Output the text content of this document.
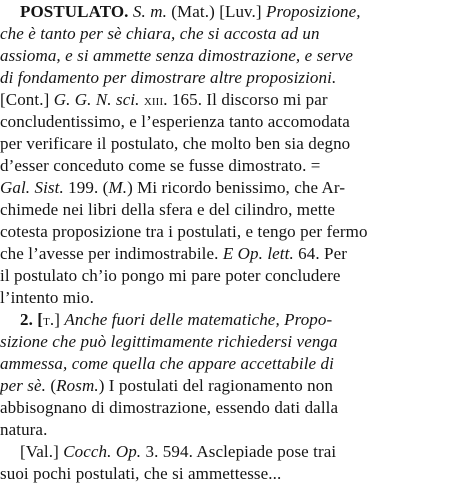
POSTULATO. S. m. (Mat.) [Luv.] Proposizione,
che è tanto per sè chiara, che si accosta ad un
assioma, e si ammette senza dimostrazione, e serve
di fondamento per dimostrare altre proposizioni.
[Cont.] G. G. N. sci. xiii. 165. Il discorso mi par
concludentissimo, e l’esperienza tanto accomodata
per verificare il postulato, che molto ben sia degno
d’esser conceduto come se fusse dimostrato. =
Gal. Sist. 199. (M.) Mi ricordo benissimo, che Ar-
chimede nei libri della sfera e del cilindro, mette
cotesta proposizione tra i postulati, e tengo per fermo
che l’avesse per indimostrabile. E Op. lett. 64. Per
il postulato ch’io pongo mi pare poter concludere
l’intento mio.
2. [t.] Anche fuori delle matematiche, Propo-
sizione che può legittimamente richiedersi venga
ammessa, come quella che appare accettabile di
per sè. (Rosm.) I postulati del ragionamento non
abbisognano di dimostrazione, essendo dati dalla
natura.
[Val.] Cocch. Op. 3. 594. Asclepiade pose trai
suoi pochi postulati, che si ammettesse...
